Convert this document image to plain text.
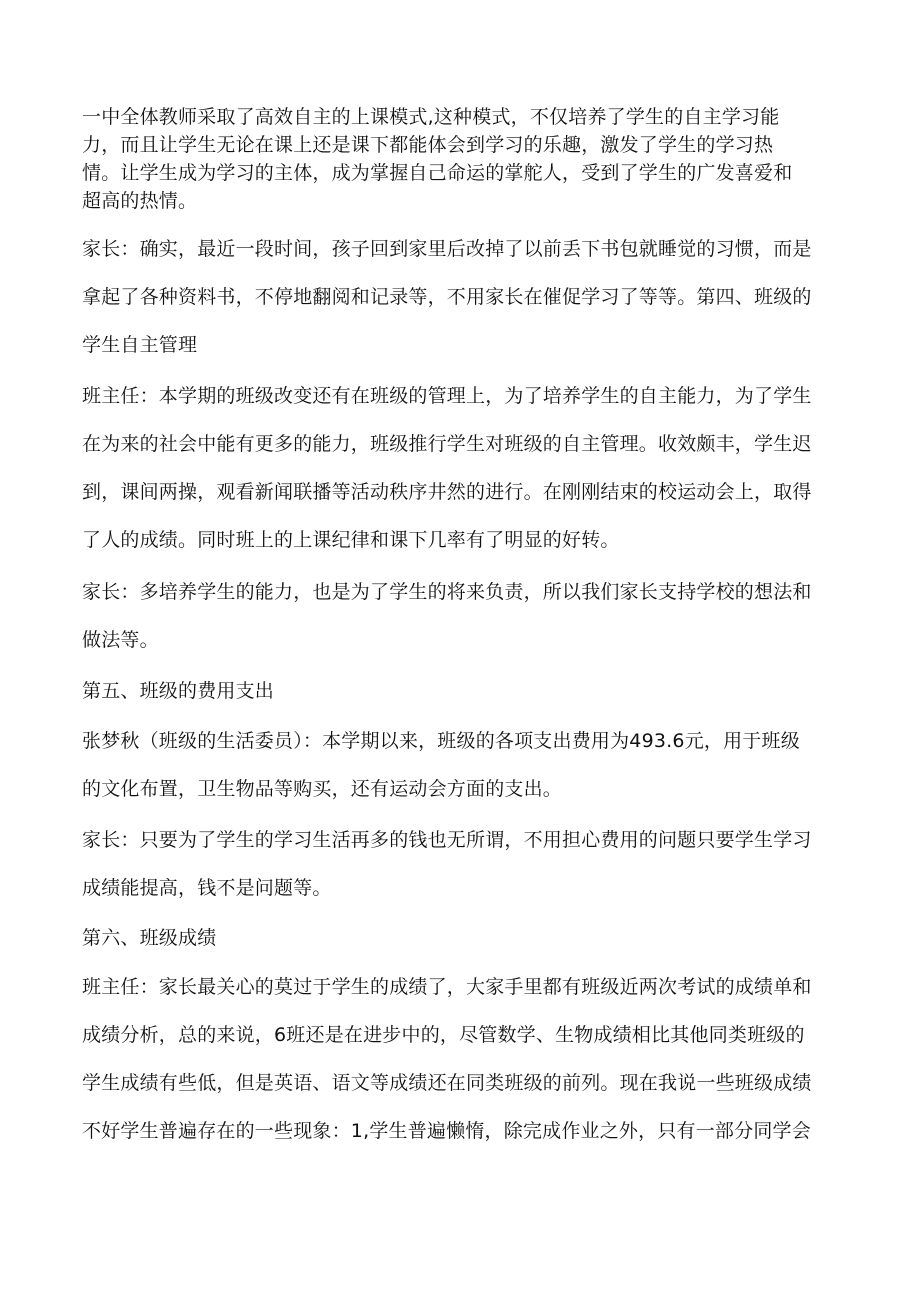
一中全体教师采取了高效自主的上课模式,这种模式，不仅培养了学生的自主学习能
力，而且让学生无论在课上还是课下都能体会到学习的乐趣，激发了学生的学习热
情。让学生成为学习的主体，成为掌握自己命运的掌舵人，受到了学生的广发喜爱和
超高的热情。
家长：确实，最近一段时间，孩子回到家里后改掉了以前丢下书包就睡觉的习惯，而是
拿起了各种资料书，不停地翻阅和记录等，不用家长在催促学习了等等。第四、班级的
学生自主管理
班主任：本学期的班级改变还有在班级的管理上，为了培养学生的自主能力，为了学生
在为来的社会中能有更多的能力，班级推行学生对班级的自主管理。收效颇丰，学生迟
到，课间两操，观看新闻联播等活动秩序井然的进行。在刚刚结束的校运动会上，取得
了人的成绩。同时班上的上课纪律和课下几率有了明显的好转。
家长：多培养学生的能力，也是为了学生的将来负责，所以我们家长支持学校的想法和
做法等。
第五、班级的费用支出
张梦秋（班级的生活委员）：本学期以来，班级的各项支出费用为493.6元，用于班级
的文化布置，卫生物品等购买，还有运动会方面的支出。
家长：只要为了学生的学习生活再多的钱也无所谓，不用担心费用的问题只要学生学习
成绩能提高，钱不是问题等。
第六、班级成绩
班主任：家长最关心的莫过于学生的成绩了，大家手里都有班级近两次考试的成绩单和
成绩分析，总的来说，6班还是在进步中的，尽管数学、生物成绩相比其他同类班级的
学生成绩有些低，但是英语、语文等成绩还在同类班级的前列。现在我说一些班级成绩
不好学生普遍存在的一些现象：1,学生普遍懒惰，除完成作业之外，只有一部分同学会
